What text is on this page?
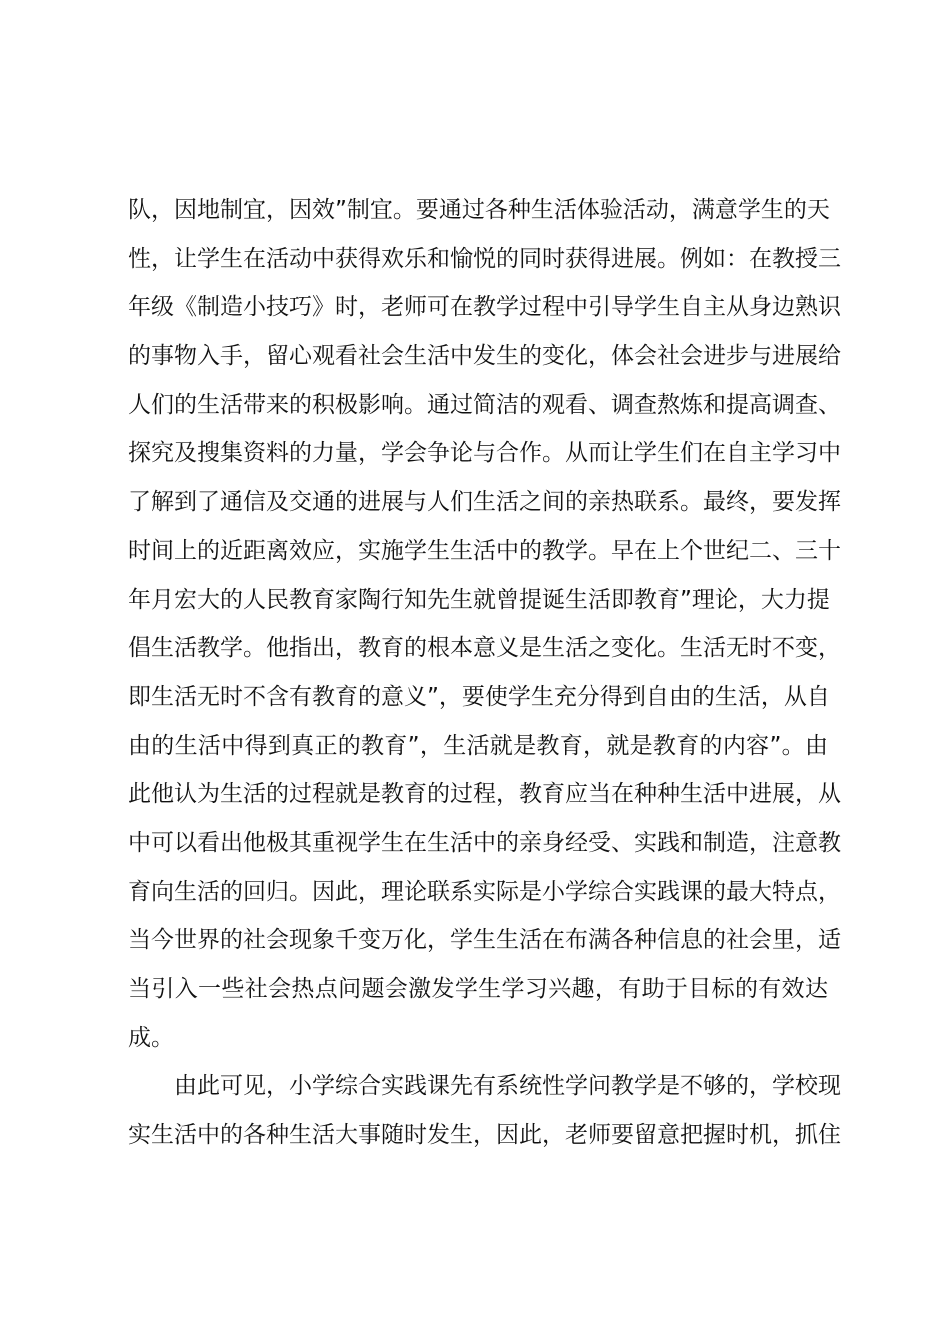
队，因地制宜，因效”制宜。要通过各种生活体验活动，满意学生的天
性，让学生在活动中获得欢乐和愉悦的同时获得进展。例如：在教授三
年级《制造小技巧》时，老师可在教学过程中引导学生自主从身边熟识
的事物入手，留心观看社会生活中发生的变化，体会社会进步与进展给
人们的生活带来的积极影响。通过简洁的观看、调查熬炼和提高调查、
探究及搜集资料的力量，学会争论与合作。从而让学生们在自主学习中
了解到了通信及交通的进展与人们生活之间的亲热联系。最终，要发挥
时间上的近距离效应，实施学生生活中的教学。早在上个世纪二、三十
年月宏大的人民教育家陶行知先生就曾提诞生活即教育”理论，大力提
倡生活教学。他指出，教育的根本意义是生活之变化。生活无时不变，
即生活无时不含有教育的意义”，要使学生充分得到自由的生活，从自
由的生活中得到真正的教育”，生活就是教育，就是教育的内容”。由
此他认为生活的过程就是教育的过程，教育应当在种种生活中进展，从
中可以看出他极其重视学生在生活中的亲身经受、实践和制造，注意教
育向生活的回归。因此，理论联系实际是小学综合实践课的最大特点，
当今世界的社会现象千变万化，学生生活在布满各种信息的社会里，适
当引入一些社会热点问题会激发学生学习兴趣，有助于目标的有效达
成。
由此可见，小学综合实践课先有系统性学问教学是不够的，学校现
实生活中的各种生活大事随时发生，因此，老师要留意把握时机，抓住
